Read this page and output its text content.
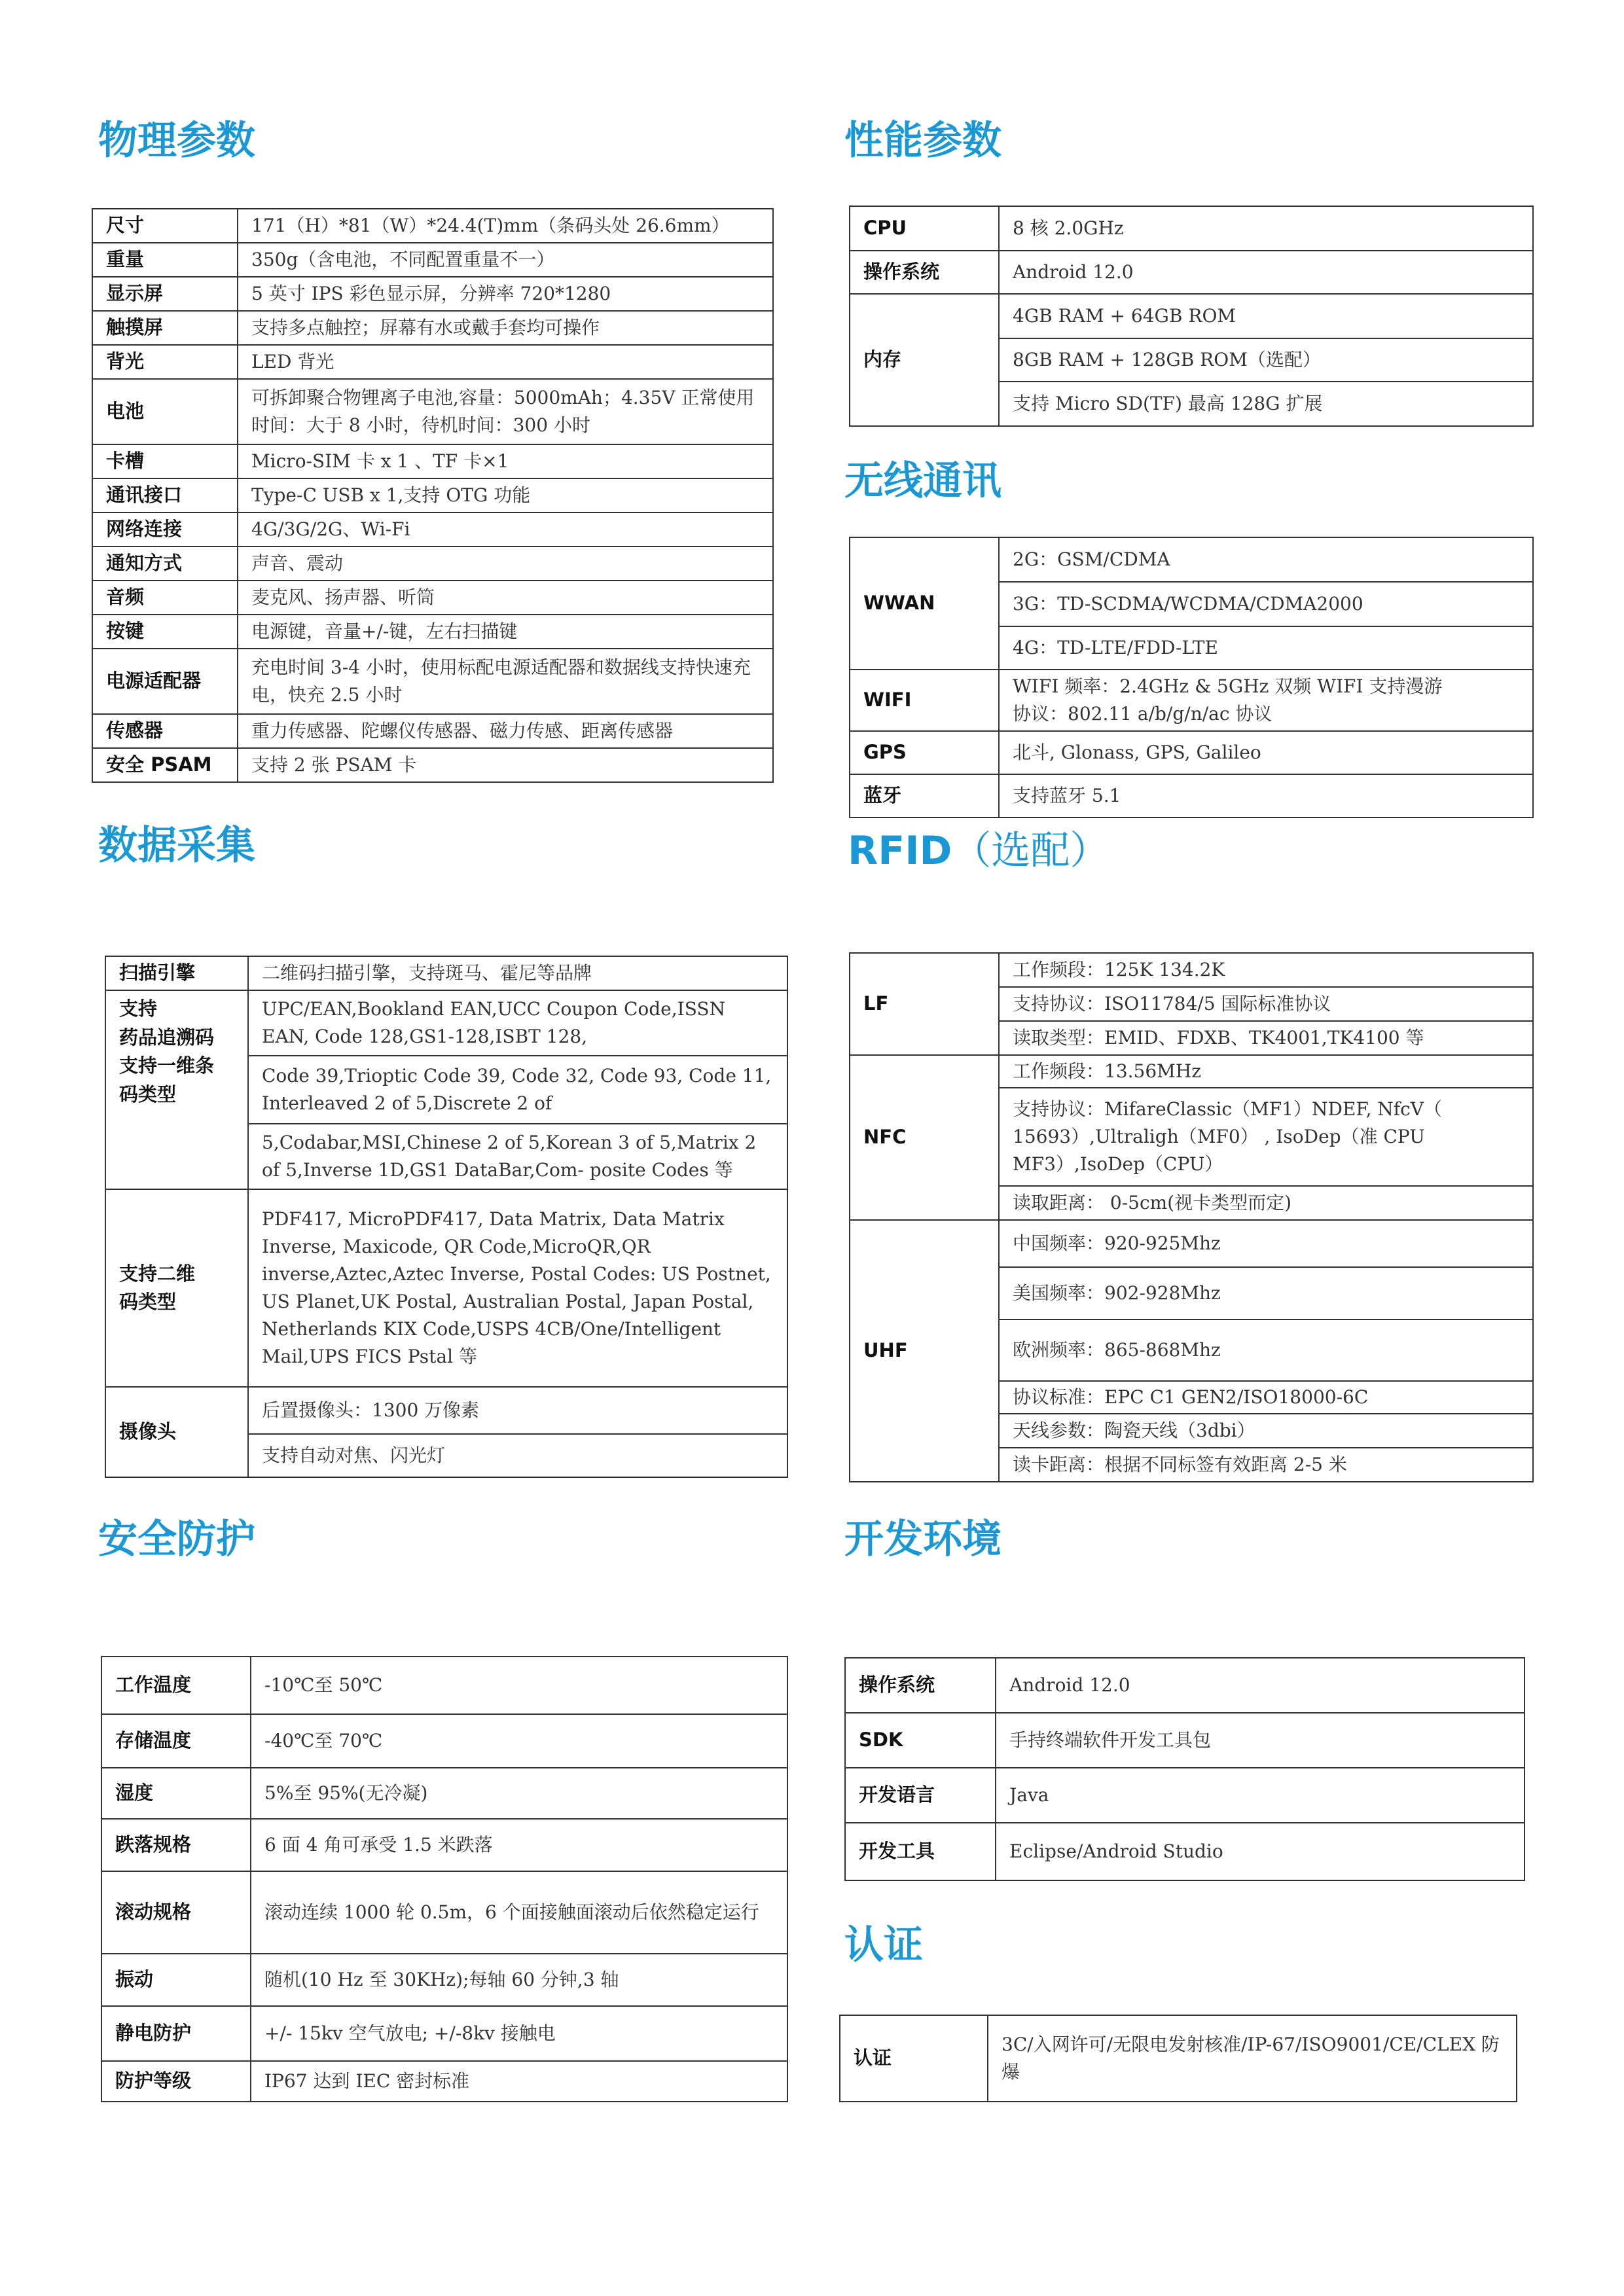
物理参数
尺寸	171（H）*81（W）*24.4(T)mm（条码头处 26.6mm）
重量	350g（含电池，不同配置重量不一）
显示屏	5 英寸 IPS 彩色显示屏，分辨率 720*1280
触摸屏	支持多点触控；屏幕有水或戴手套均可操作
背光	LED 背光
电池	可拆卸聚合物锂离子电池,容量：5000mAh；4.35V 正常使用时间：大于 8 小时，待机时间：300 小时
卡槽	Micro-SIM 卡 x 1 、TF 卡×1
通讯接口	Type-C USB x 1,支持 OTG 功能
网络连接	4G/3G/2G、Wi-Fi
通知方式	声音、震动
音频	麦克风、扬声器、听筒
按键	电源键，音量+/-键，左右扫描键
电源适配器	充电时间 3-4 小时，使用标配电源适配器和数据线支持快速充电，快充 2.5 小时
传感器	重力传感器、陀螺仪传感器、磁力传感、距离传感器
安全 PSAM	支持 2 张 PSAM 卡
性能参数
CPU	8 核 2.0GHz
操作系统	Android 12.0
内存	4GB RAM + 64GB ROM
	8GB RAM + 128GB ROM（选配）
	支持 Micro SD(TF) 最高 128G 扩展
无线通讯
WWAN	2G：GSM/CDMA
	3G：TD-SCDMA/WCDMA/CDMA2000
	4G：TD-LTE/FDD-LTE
WIFI	WIFI 频率：2.4GHz & 5GHz 双频 WIFI 支持漫游
协议：802.11 a/b/g/n/ac 协议

GPS	北斗, Glonass, GPS, Galileo
蓝牙	支持蓝牙 5.1
数据采集
扫描引擎	二维码扫描引擎，支持斑马、霍尼等品牌

支持
药品追溯码
支持一维条
码类型	UPC/EAN,Bookland EAN,UCC Coupon Code,ISSN EAN, Code 128,GS1-128,ISBT 128,
	Code 39,Trioptic Code 39, Code 32, Code 93, Code 11, Interleaved 2 of 5,Discrete 2 of
	5,Codabar,MSI,Chinese 2 of 5,Korean 3 of 5,Matrix 2 of 5,Inverse 1D,GS1 DataBar,Com- posite Codes 等
支持二维
码类型	PDF417, MicroPDF417, Data Matrix, Data Matrix Inverse, Maxicode, QR Code,MicroQR,QR inverse,Aztec,Aztec Inverse, Postal Codes: US Postnet, US Planet,UK Postal, Australian Postal, Japan Postal, Netherlands KIX Code,USPS 4CB/One/Intelligent Mail,UPS FICS Pstal 等
摄像头	后置摄像头：1300 万像素
	支持自动对焦、闪光灯
RFID（选配）
LF	工作频段：125K 134.2K
	支持协议：ISO11784/5 国际标准协议
	读取类型：EMID、FDXB、TK4001,TK4100 等
NFC	工作频段：13.56MHz
	支持协议：MifareClassic（MF1）NDEF, NfcV（ 15693）,Ultraligh（MF0） , IsoDep（准 CPU MF3）,IsoDep（CPU）
	读取距离： 0-5cm(视卡类型而定)
UHF	中国频率：920-925Mhz
	美国频率：902-928Mhz
	欧洲频率：865-868Mhz
	协议标准：EPC C1 GEN2/ISO18000-6C
	天线参数：陶瓷天线（3dbi）
	读卡距离：根据不同标签有效距离 2-5 米
安全防护
工作温度	-10℃至 50℃
存储温度	-40℃至 70℃
湿度	5%至 95%(无冷凝)
跌落规格	6 面 4 角可承受 1.5 米跌落
滚动规格	滚动连续 1000 轮 0.5m，6 个面接触面滚动后依然稳定运行
振动	随机(10 Hz 至 30KHz);每轴 60 分钟,3 轴
静电防护	+/- 15kv 空气放电; +/-8kv 接触电
防护等级	IP67 达到 IEC 密封标准
开发环境
操作系统	Android 12.0
SDK	手持终端软件开发工具包
开发语言	Java
开发工具	Eclipse/Android Studio
认证
认证	3C/入网许可/无限电发射核准/IP-67/ISO9001/CE/CLEX 防爆
